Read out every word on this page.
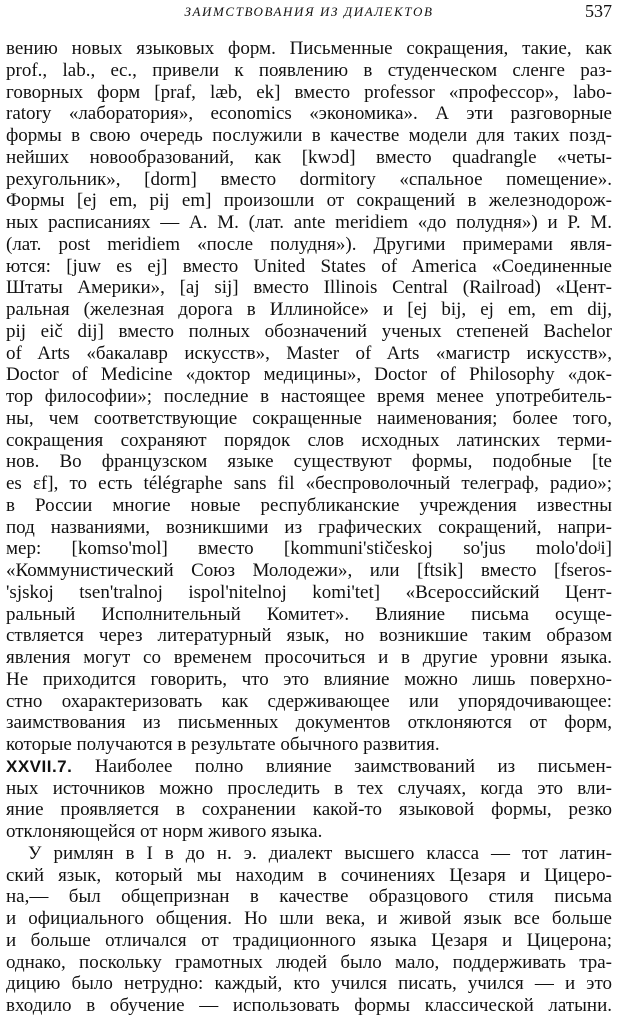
ЗАИМСТВОВАНИЯ ИЗ ДИАЛЕКТОВ	537
вению новых языковых форм. Письменные сокращения, такие, как
prof., lab., ec., привели к появлению в студенческом сленге раз-
говорных форм [praf, læb, ek] вместо professor «профессор», labo-
ratory «лаборатория», economics «экономика». А эти разговорные
формы в свою очередь послужили в качестве модели для таких позд-
нейших новообразований, как [kwɔd] вместо quadrangle «четы-
рехугольник», [dorm] вместо dormitory «спальное помещение».
Формы [ej em, pij em] произошли от сокращений в железнодорож-
ных расписаниях — A. M. (лат. ante meridiem «до полудня») и P. M.
(лат. post meridiem «после полудня»). Другими примерами явля-
ются: [juw es ej] вместо United States of America «Соединенные
Штаты Америки», [aj sij] вместо Illinois Central (Railroad) «Цент-
ральная (железная дорога в Иллинойсе» и [ej bij, ej em, em dij,
pij eič dij] вместо полных обозначений ученых степеней Bachelor
of Arts «бакалавр искусств», Master of Arts «магистр искусств»,
Doctor of Medicine «доктор медицины», Doctor of Philosophy «док-
тор философии»; последние в настоящее время менее употребитель-
ны, чем соответствующие сокращенные наименования; более того,
сокращения сохраняют порядок слов исходных латинских терми-
нов. Во французском языке существуют формы, подобные [te
es ɛf], то есть télégraphe sans fil «беспроволочный телеграф, радио»;
в России многие новые республиканские учреждения известны
под названиями, возникшими из графических сокращений, напри-
мер: [komso'mol] вместо [kommuni'stičeskoj so'jus molo'doʲi]
«Коммунистический Союз Молодежи», или [ftsik] вместо [fseros-
'sjskoj tsen'tralnoj ispol'nitelnoj komi'tet] «Всероссийский Цент-
ральный Исполнительный Комитет». Влияние письма осуще-
ствляется через литературный язык, но возникшие таким образом
явления могут со временем просочиться и в другие уровни языка.
Не приходится говорить, что это влияние можно лишь поверхно-
стно охарактеризовать как сдерживающее или упорядочивающее:
заимствования из письменных документов отклоняются от форм,
которые получаются в результате обычного развития.
XXVII.7. Наиболее полно влияние заимствований из письмен-
ных источников можно проследить в тех случаях, когда это вли-
яние проявляется в сохранении какой-то языковой формы, резко
отклоняющейся от норм живого языка.
У римлян в I в до н. э. диалект высшего класса — тот латин-
ский язык, который мы находим в сочинениях Цезаря и Цицеро-
на,— был общепризнан в качестве образцового стиля письма
и официального общения. Но шли века, и живой язык все больше
и больше отличался от традиционного языка Цезаря и Цицерона;
однако, поскольку грамотных людей было мало, поддерживать тра-
дицию было нетрудно: каждый, кто учился писать, учился — и это
входило в обучение — использовать формы классической латыни.
